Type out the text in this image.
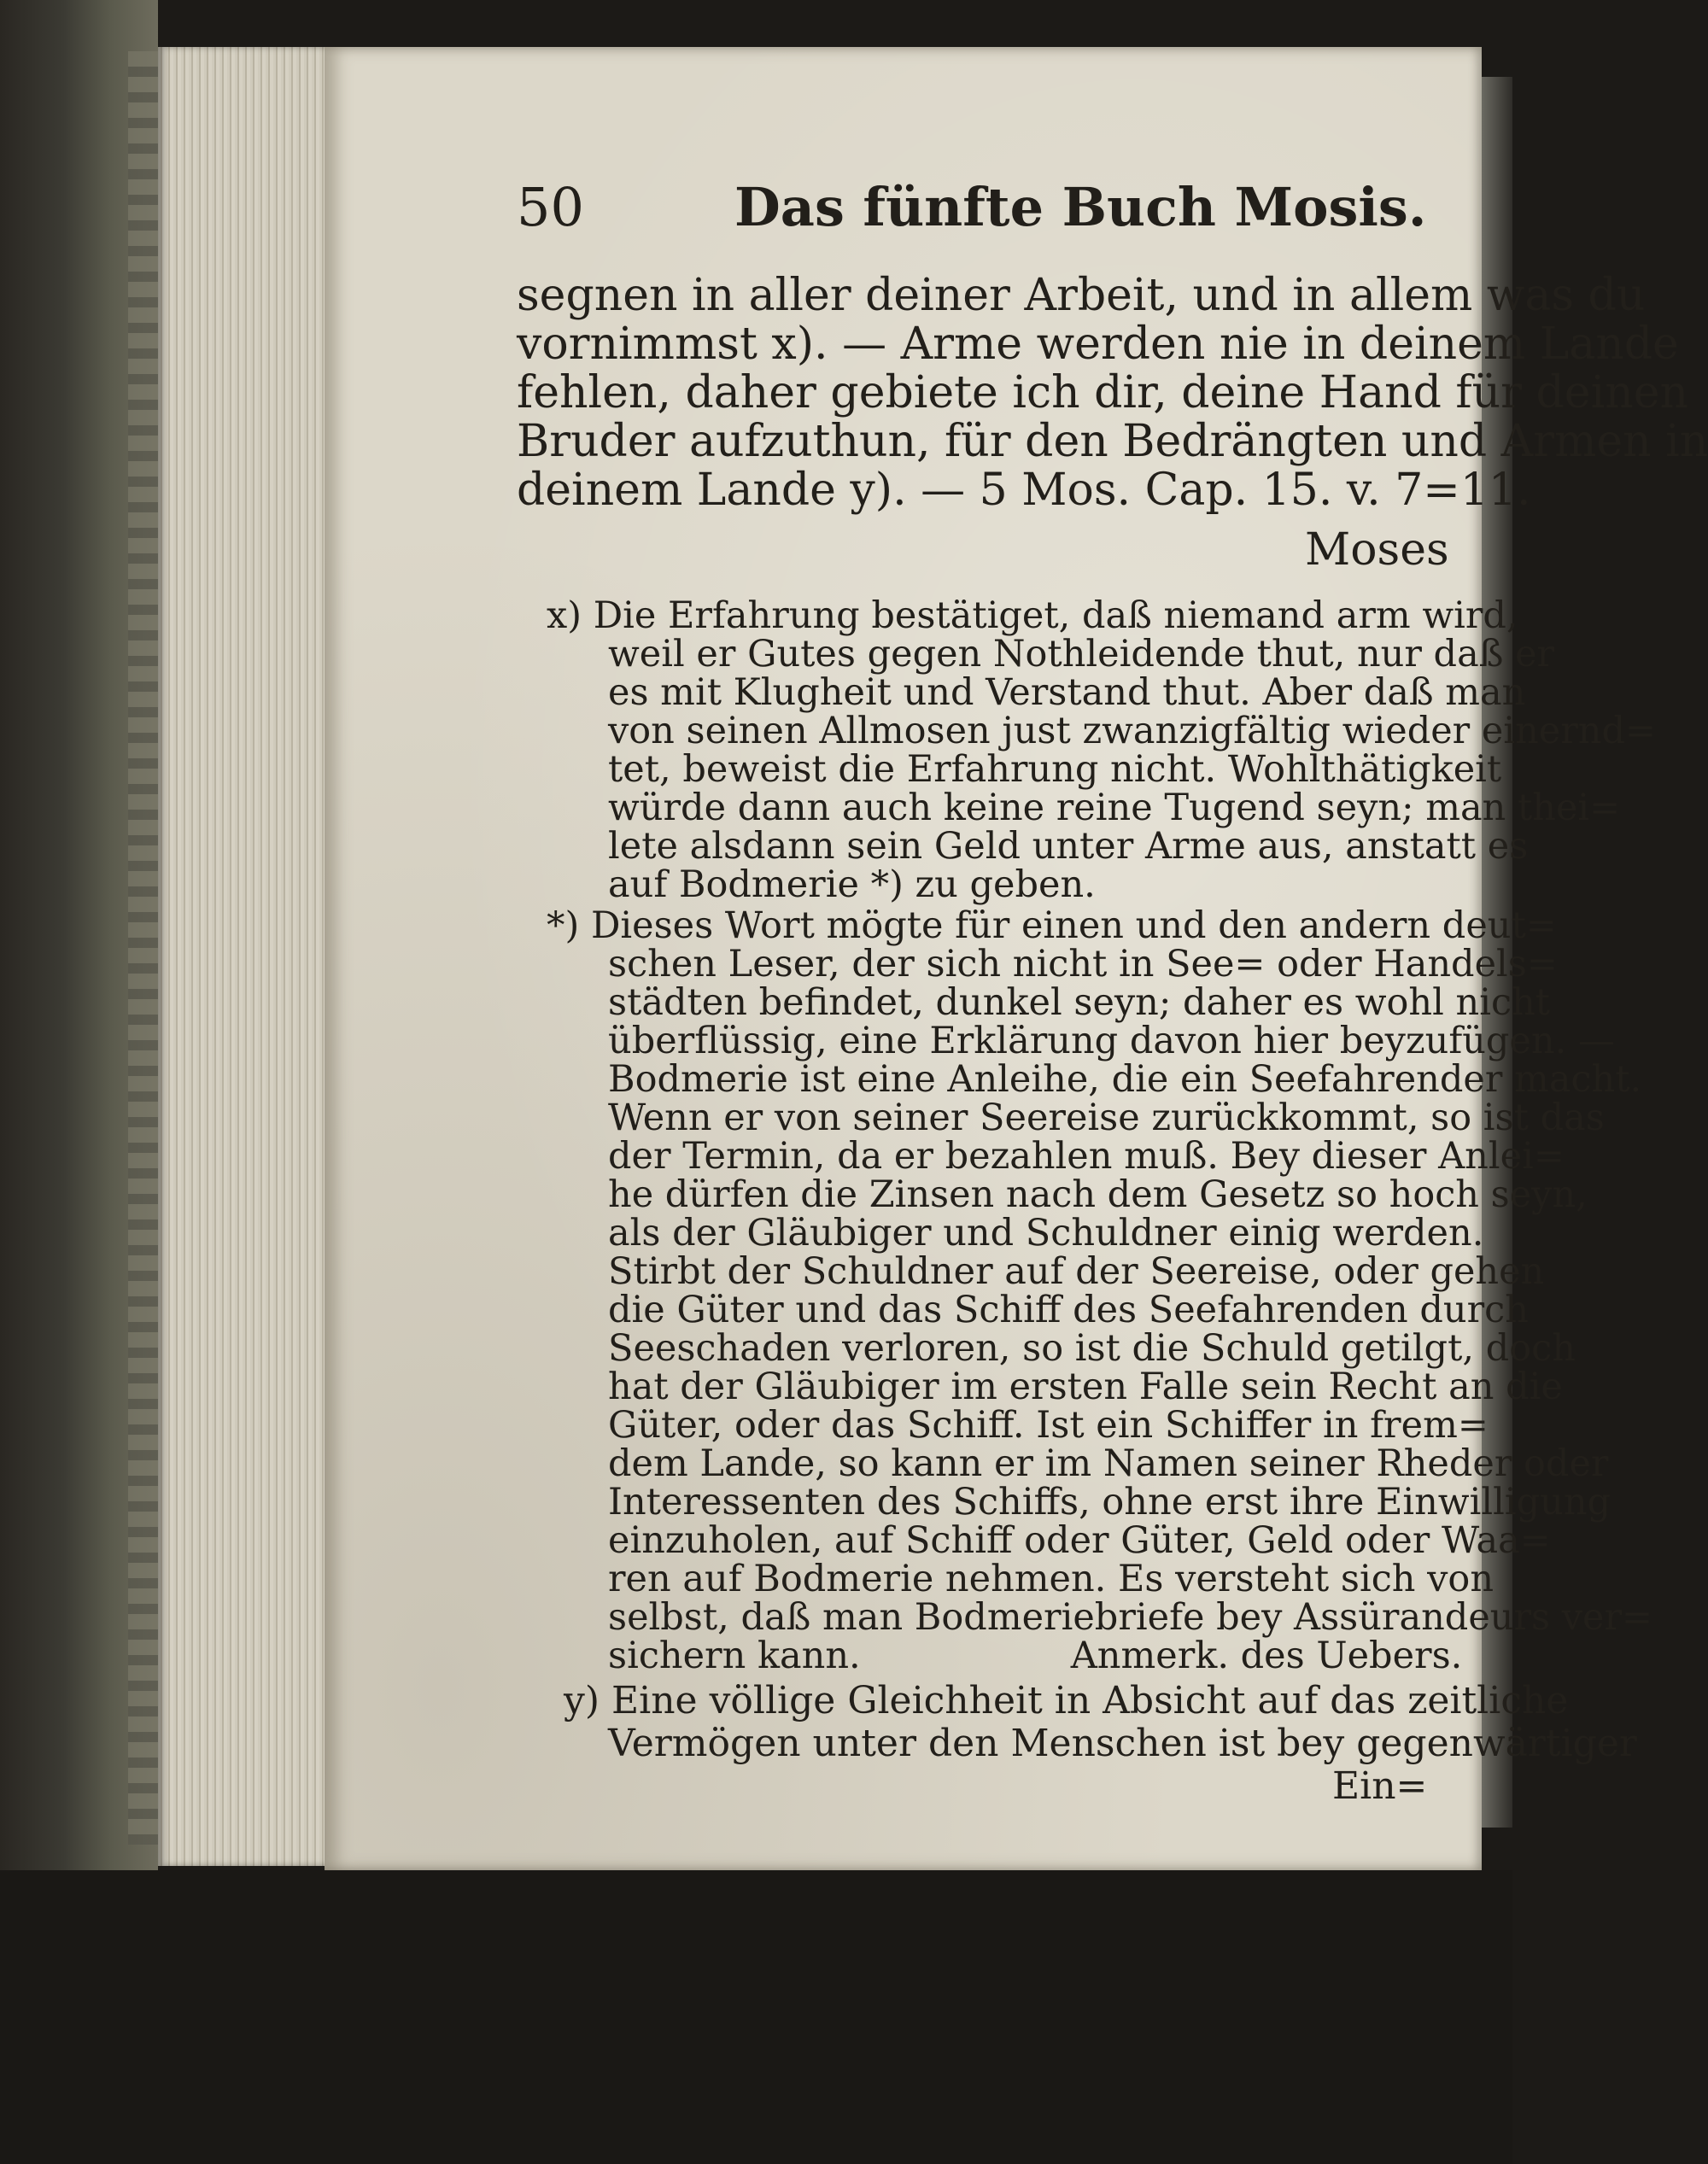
50	Das fünfte Buch Mosis.
segnen in aller deiner Arbeit, und in allem was du
vornimmst x). — Arme werden nie in deinem Lande
fehlen, daher gebiete ich dir, deine Hand für deinen
Bruder aufzuthun, für den Bedrängten und Armen in
deinem Lande y). — 5 Mos. Cap. 15. v. 7=11.
Moses
x) Die Erfahrung bestätiget, daß niemand arm wird,
weil er Gutes gegen Nothleidende thut, nur daß er
es mit Klugheit und Verstand thut. Aber daß man
von seinen Allmosen just zwanzigfältig wieder einernd=
tet, beweist die Erfahrung nicht. Wohlthätigkeit
würde dann auch keine reine Tugend seyn; man thei=
lete alsdann sein Geld unter Arme aus, anstatt es
auf Bodmerie *) zu geben.
*) Dieses Wort mögte für einen und den andern deut=
schen Leser, der sich nicht in See= oder Handels=
städten befindet, dunkel seyn; daher es wohl nicht
überflüssig, eine Erklärung davon hier beyzufügen. —
Bodmerie ist eine Anleihe, die ein Seefahrender macht.
Wenn er von seiner Seereise zurückkommt, so ist das
der Termin, da er bezahlen muß. Bey dieser Anlei=
he dürfen die Zinsen nach dem Gesetz so hoch seyn,
als der Gläubiger und Schuldner einig werden.
Stirbt der Schuldner auf der Seereise, oder gehen
die Güter und das Schiff des Seefahrenden durch
Seeschaden verloren, so ist die Schuld getilgt, doch
hat der Gläubiger im ersten Falle sein Recht an die
Güter, oder das Schiff. Ist ein Schiffer in frem=
dem Lande, so kann er im Namen seiner Rheder oder
Interessenten des Schiffs, ohne erst ihre Einwilligung
einzuholen, auf Schiff oder Güter, Geld oder Waa=
ren auf Bodmerie nehmen. Es versteht sich von
selbst, daß man Bodmeriebriefe bey Assürandeurs ver=
sichern kann.                  Anmerk. des Uebers.
y) Eine völlige Gleichheit in Absicht auf das zeitliche
Vermögen unter den Menschen ist bey gegenwärtiger
Ein=
